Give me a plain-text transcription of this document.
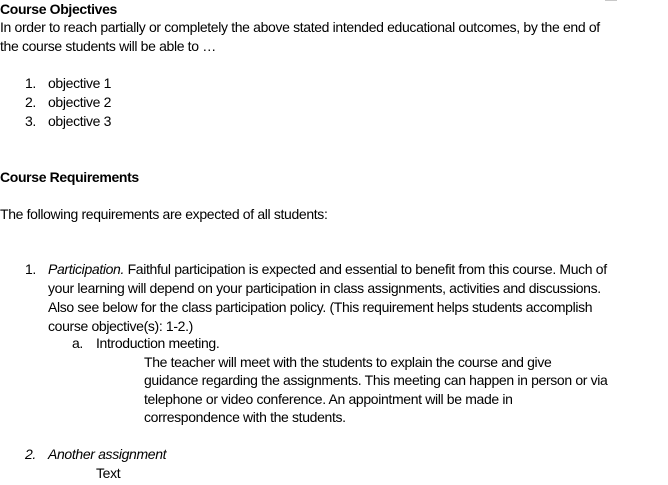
Course Objectives
In order to reach partially or completely the above stated intended educational outcomes, by the end of
the course students will be able to …
1. objective 1
2. objective 2
3. objective 3
Course Requirements
The following requirements are expected of all students:
1. Participation. Faithful participation is expected and essential to benefit from this course. Much of
your learning will depend on your participation in class assignments, activities and discussions.
Also see below for the class participation policy. (This requirement helps students accomplish
course objective(s): 1-2.)
a. Introduction meeting.
The teacher will meet with the students to explain the course and give
guidance regarding the assignments. This meeting can happen in person or via
telephone or video conference. An appointment will be made in
correspondence with the students.
2. Another assignment
Text
